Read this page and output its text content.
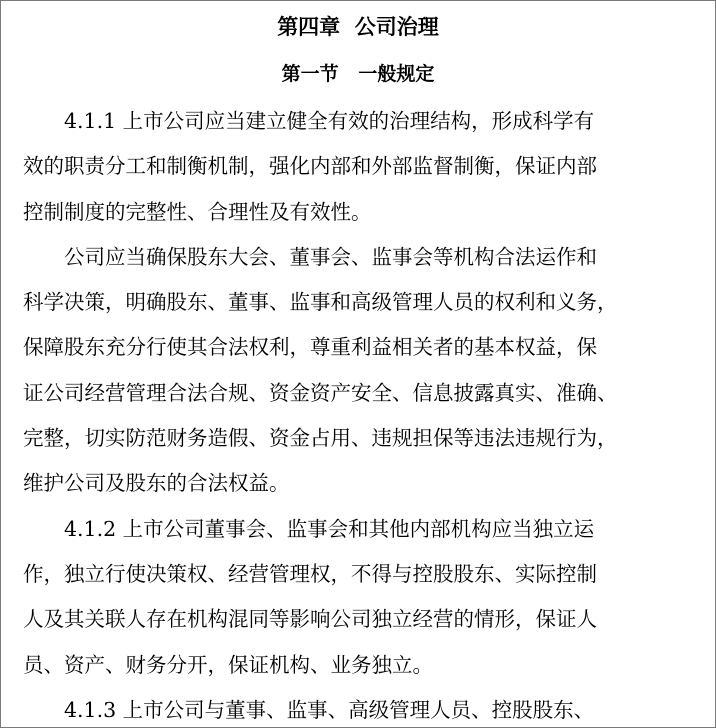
第四章  公司治理
第一节   一般规定
4.1.1 上市公司应当建立健全有效的治理结构，形成科学有
效的职责分工和制衡机制，强化内部和外部监督制衡，保证内部
控制制度的完整性、合理性及有效性。
公司应当确保股东大会、董事会、监事会等机构合法运作和
科学决策，明确股东、董事、监事和高级管理人员的权利和义务，
保障股东充分行使其合法权利，尊重利益相关者的基本权益，保
证公司经营管理合法合规、资金资产安全、信息披露真实、准确、
完整，切实防范财务造假、资金占用、违规担保等违法违规行为，
维护公司及股东的合法权益。
4.1.2 上市公司董事会、监事会和其他内部机构应当独立运
作，独立行使决策权、经营管理权，不得与控股股东、实际控制
人及其关联人存在机构混同等影响公司独立经营的情形，保证人
员、资产、财务分开，保证机构、业务独立。
4.1.3 上市公司与董事、监事、高级管理人员、控股股东、
